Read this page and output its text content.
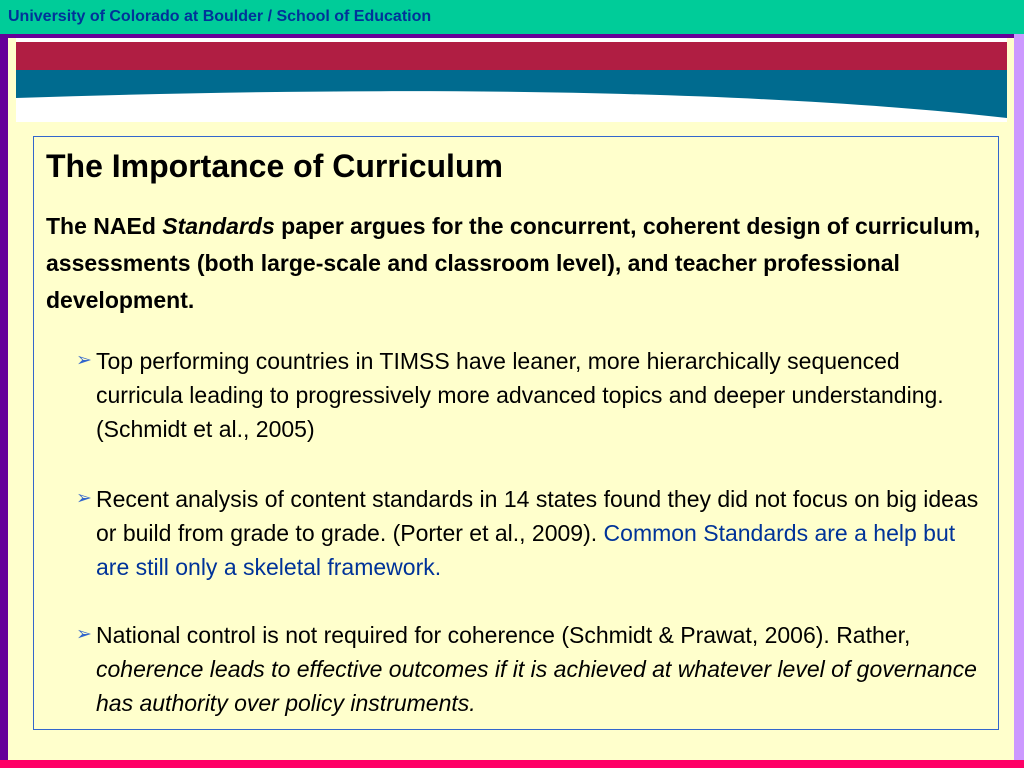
University of Colorado at Boulder / School of Education
The Importance of Curriculum
The NAEd Standards paper argues for the concurrent, coherent design of curriculum, assessments (both large-scale and classroom level), and teacher professional development.
➢ Top performing countries in TIMSS have leaner, more hierarchically sequenced curricula leading to progressively more advanced topics and deeper understanding. (Schmidt et al., 2005)
➢ Recent analysis of content standards in 14 states found they did not focus on big ideas or build from grade to grade. (Porter et al., 2009). Common Standards are a help but are still only a skeletal framework.
➢ National control is not required for coherence (Schmidt & Prawat, 2006). Rather, coherence leads to effective outcomes if it is achieved at whatever level of governance has authority over policy instruments.
